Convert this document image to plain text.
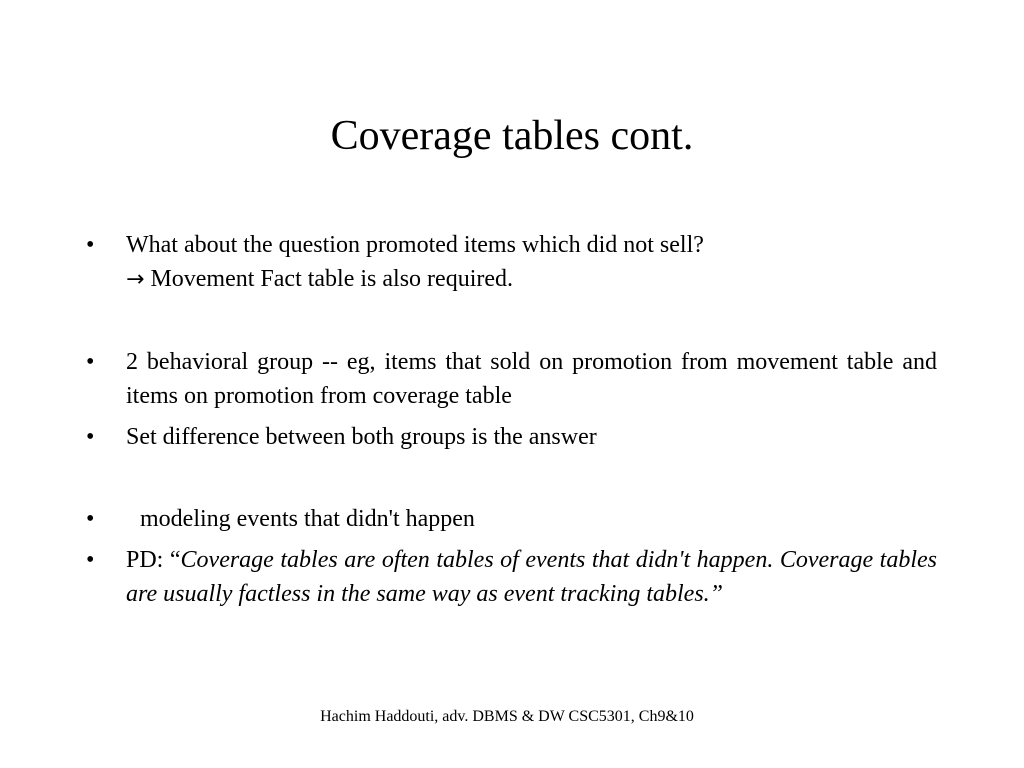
Coverage tables cont.
•	What about the question promoted items which did not sell?
→ Movement Fact table is also required.
•	2 behavioral group -- eg, items that sold on promotion from movement table and items on promotion from coverage table
•	Set difference between both groups is the answer
•	modeling events that didn't happen
•	PD: “Coverage tables are often tables of events that didn't happen. Coverage tables are usually factless in the same way as event tracking tables.”
Hachim Haddouti, adv. DBMS & DW CSC5301, Ch9&10
